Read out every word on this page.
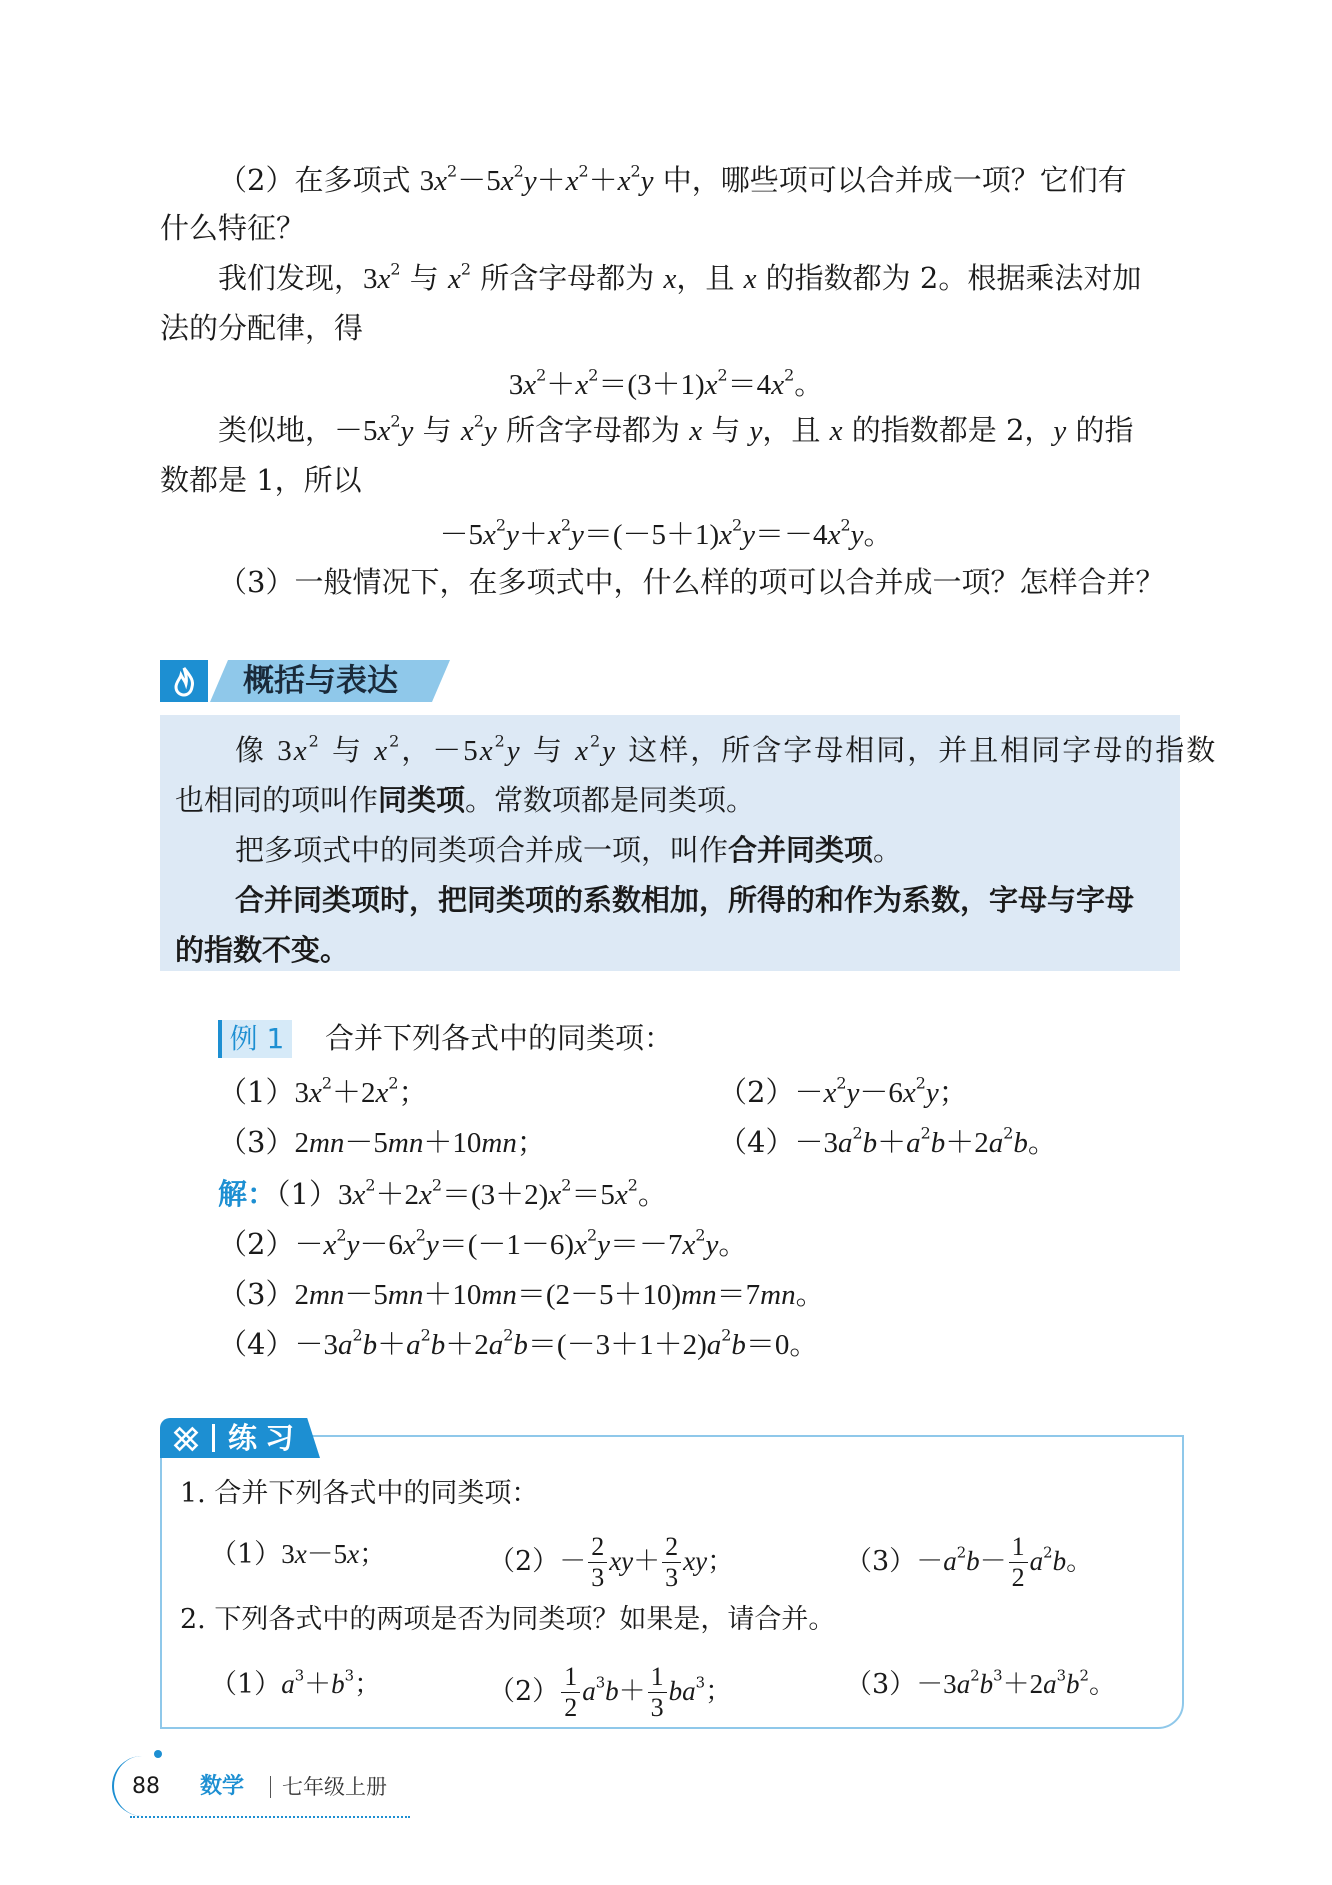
（2）在多项式 $3x^2-5x^2y+x^2+x^2y$ 中，哪些项可以合并成一项？它们有
什么特征？
我们发现，$3x^2$ 与 $x^2$ 所含字母都为 x，且 x 的指数都为 2。根据乘法对加
法的分配律，得
$3x^2+x^2=(3+1)x^2=4x^2$。
类似地，$-5x^2y$ 与 $x^2y$ 所含字母都为 x 与 y，且 x 的指数都是 2，y 的指
数都是 1，所以
$-5x^2y+x^2y=(-5+1)x^2y=-4x^2y$。
（3）一般情况下，在多项式中，什么样的项可以合并成一项？怎样合并？
概括与表达
像 $3x^2$ 与 $x^2$，$-5x^2y$ 与 $x^2y$ 这样，所含字母相同，并且相同字母的指数
也相同的项叫作同类项。常数项都是同类项。
把多项式中的同类项合并成一项，叫作合并同类项。
合并同类项时，把同类项的系数相加，所得的和作为系数，字母与字母
的指数不变。
例 1 合并下列各式中的同类项：
$(1)3x^2+2x^2$；	$(2)-x^2y-6x^2y$；
（3）2mn－5mn＋10mn；	$(4)-3a^2b+a^2b+2a^2b$。
解：$(1)3x^2+2x^2=(3+2)x^2=5x^2$。
$(2)-x^2y-6x^2y=(-1-6)x^2y=-7x^2y$。
（3）2mn－5mn＋10mn＝(2－5＋10)mn＝7mn。
$(4)-3a^2b+a^2b+2a^2b=(-3+1+2)a^2b=0$。
练习
1. 合并下列各式中的同类项：
（1）3x－5x；	$(2)- \frac{2}{3} xy+ \frac{2}{3}$ xy；	$(3)-a^2b- \frac{1}{2} a^2b$。
2. 下列各式中的两项是否为同类项？如果是，请合并。
$(1)a^3+b^3$；	$(2) \frac{1}{2} a^3b+ \frac{1}{3} ba^3$；	$(3)-3a^2b^3+2a^3b^2$。
88 数学 七年级上册
